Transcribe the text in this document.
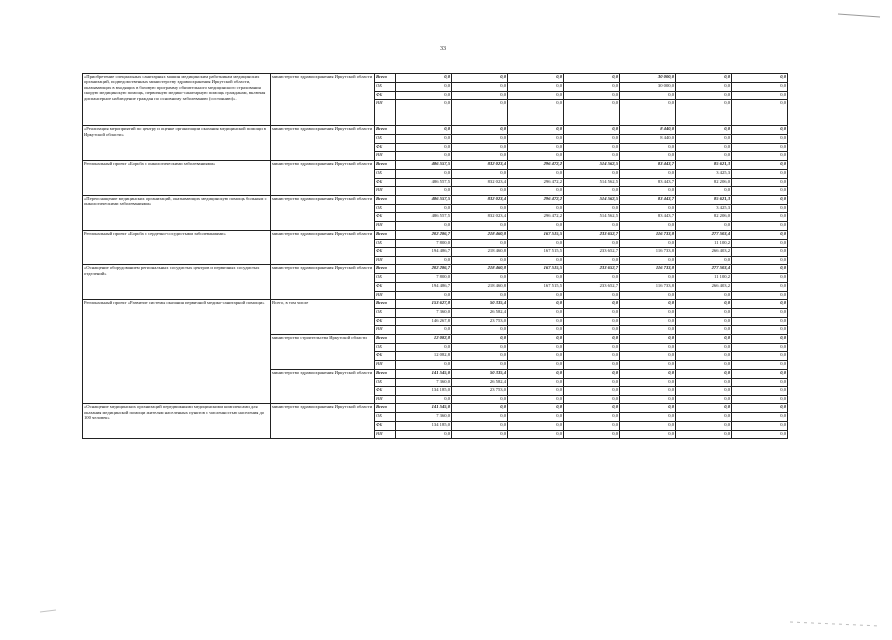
33
«Приобретение специальных санитарных машин медицинским работникам медицинских организаций, подведомственных министерству здравоохранения Иркутской области, оказывающих в входящих в базовую программу обязательного медицинского страхования скорую медицинскую помощь, первичную медико-санитарную помощь гражданам, включая диспансерное наблюдение граждан по основному заболеванию (состоянию)».	министерство здравоохранения Иркутской области	Всего	0,0	0,0	0,0	0,0	30 000,0	0,0	0,0
		ОБ	0,0	0,0	0,0	0,0	30 000,0	0,0	0,0
		ФБ	0,0	0,0	0,0	0,0	0,0	0,0	0,0
		НИ	0,0	0,0	0,0	0,0	0,0	0,0	0,0
«Реализация мероприятий по центру и оценке организации оказания медицинской помощи в Иркутской области»	министерство здравоохранения Иркутской области	Всего	0,0	0,0	0,0	0,0	8 440,0	0,0	0,0
		ОБ	0,0	0,0	0,0	0,0	8 440,0	0,0	0,0
		ФБ	0,0	0,0	0,0	0,0	0,0	0,0	0,0
		НИ	0,0	0,0	0,0	0,0	0,0	0,0	0,0
Региональный проект «Борьба с онкологическими заболеваниями»	министерство здравоохранения Иркутской области	Всего	486 557,5	832 023,4	296 472,2	514 562,5	83 443,7	85 621,3	0,0
		ОБ	0,0	0,0	0,0	0,0	0,0	3 425,3	0,0
		ФБ	486 557,5	832 023,4	296 472,2	514 562,5	83 443,7	82 206,0	0,0
		НИ	0,0	0,0	0,0	0,0	0,0	0,0	0,0
«Переоснащение медицинских организаций, оказывающих медицинскую помощь больным с онкологическими заболеваниями»	министерство здравоохранения Иркутской области	Всего	486 557,5	832 023,4	296 472,2	514 562,5	83 443,7	85 621,3	0,0
		ОБ	0,0	0,0	0,0	0,0	0,0	3 425,3	0,0
		ФБ	486 557,5	832 023,4	296 472,2	514 562,5	83 443,7	82 206,0	0,0
		НИ	0,0	0,0	0,0	0,0	0,0	0,0	0,0
Региональный проект «Борьба с сердечно-сосудистыми заболеваниями»	министерство здравоохранения Иркутской области	Всего	202 286,7	218 460,8	167 515,5	233 652,7	116 733,8	277 503,4	0,0
		ОБ	7 800,0	0,0	0,0	0,0	0,0	11 100,2	0,0
		ФБ	194 486,7	218 460,8	167 515,5	233 652,7	116 733,8	266 403,2	0,0
		НИ	0,0	0,0	0,0	0,0	0,0	0,0	0,0
«Оснащение оборудованием региональных сосудистых центров и первичных сосудистых отделений»	министерство здравоохранения Иркутской области	Всего	202 286,7	218 460,8	167 515,5	233 652,7	116 733,8	277 503,4	0,0
		ОБ	7 800,0	0,0	0,0	0,0	0,0	11 100,2	0,0
		ФБ	194 486,7	218 460,8	167 515,5	233 652,7	116 733,8	266 403,2	0,0
		НИ	0,0	0,0	0,0	0,0	0,0	0,0	0,0
Региональный проект «Развитие системы оказания первичной медико-санитарной помощи»	Всего, в том числе	Всего	153 627,8	50 335,4	0,0	0,0	0,0	0,0	0,0
		ОБ	7 360,0	26 582,4	0,0	0,0	0,0	0,0	0,0
		ФБ	146 267,8	23 753,0	0,0	0,0	0,0	0,0	0,0
		НИ	0,0	0,0	0,0	0,0	0,0	0,0	0,0
	министерство строительства Иркутской области	Всего	12 082,8	0,0	0,0	0,0	0,0	0,0	0,0
		ОБ	0,0	0,0	0,0	0,0	0,0	0,0	0,0
		ФБ	12 082,8	0,0	0,0	0,0	0,0	0,0	0,0
		НИ	0,0	0,0	0,0	0,0	0,0	0,0	0,0
	министерство здравоохранения Иркутской области	Всего	141 545,0	50 335,4	0,0	0,0	0,0	0,0	0,0
		ОБ	7 360,0	26 582,4	0,0	0,0	0,0	0,0	0,0
		ФБ	134 185,0	23 753,0	0,0	0,0	0,0	0,0	0,0
		НИ	0,0	0,0	0,0	0,0	0,0	0,0	0,0
«Оснащение медицинских организаций передвижными медицинскими комплексами для оказания медицинской помощи жителям населенных пунктов с численностью населения до 100 человек»	министерство здравоохранения Иркутской области	Всего	141 545,0	0,0	0,0	0,0	0,0	0,0	0,0
		ОБ	7 360,0	0,0	0,0	0,0	0,0	0,0	0,0
		ФБ	134 185,0	0,0	0,0	0,0	0,0	0,0	0,0
		НИ	0,0	0,0	0,0	0,0	0,0	0,0	0,0
